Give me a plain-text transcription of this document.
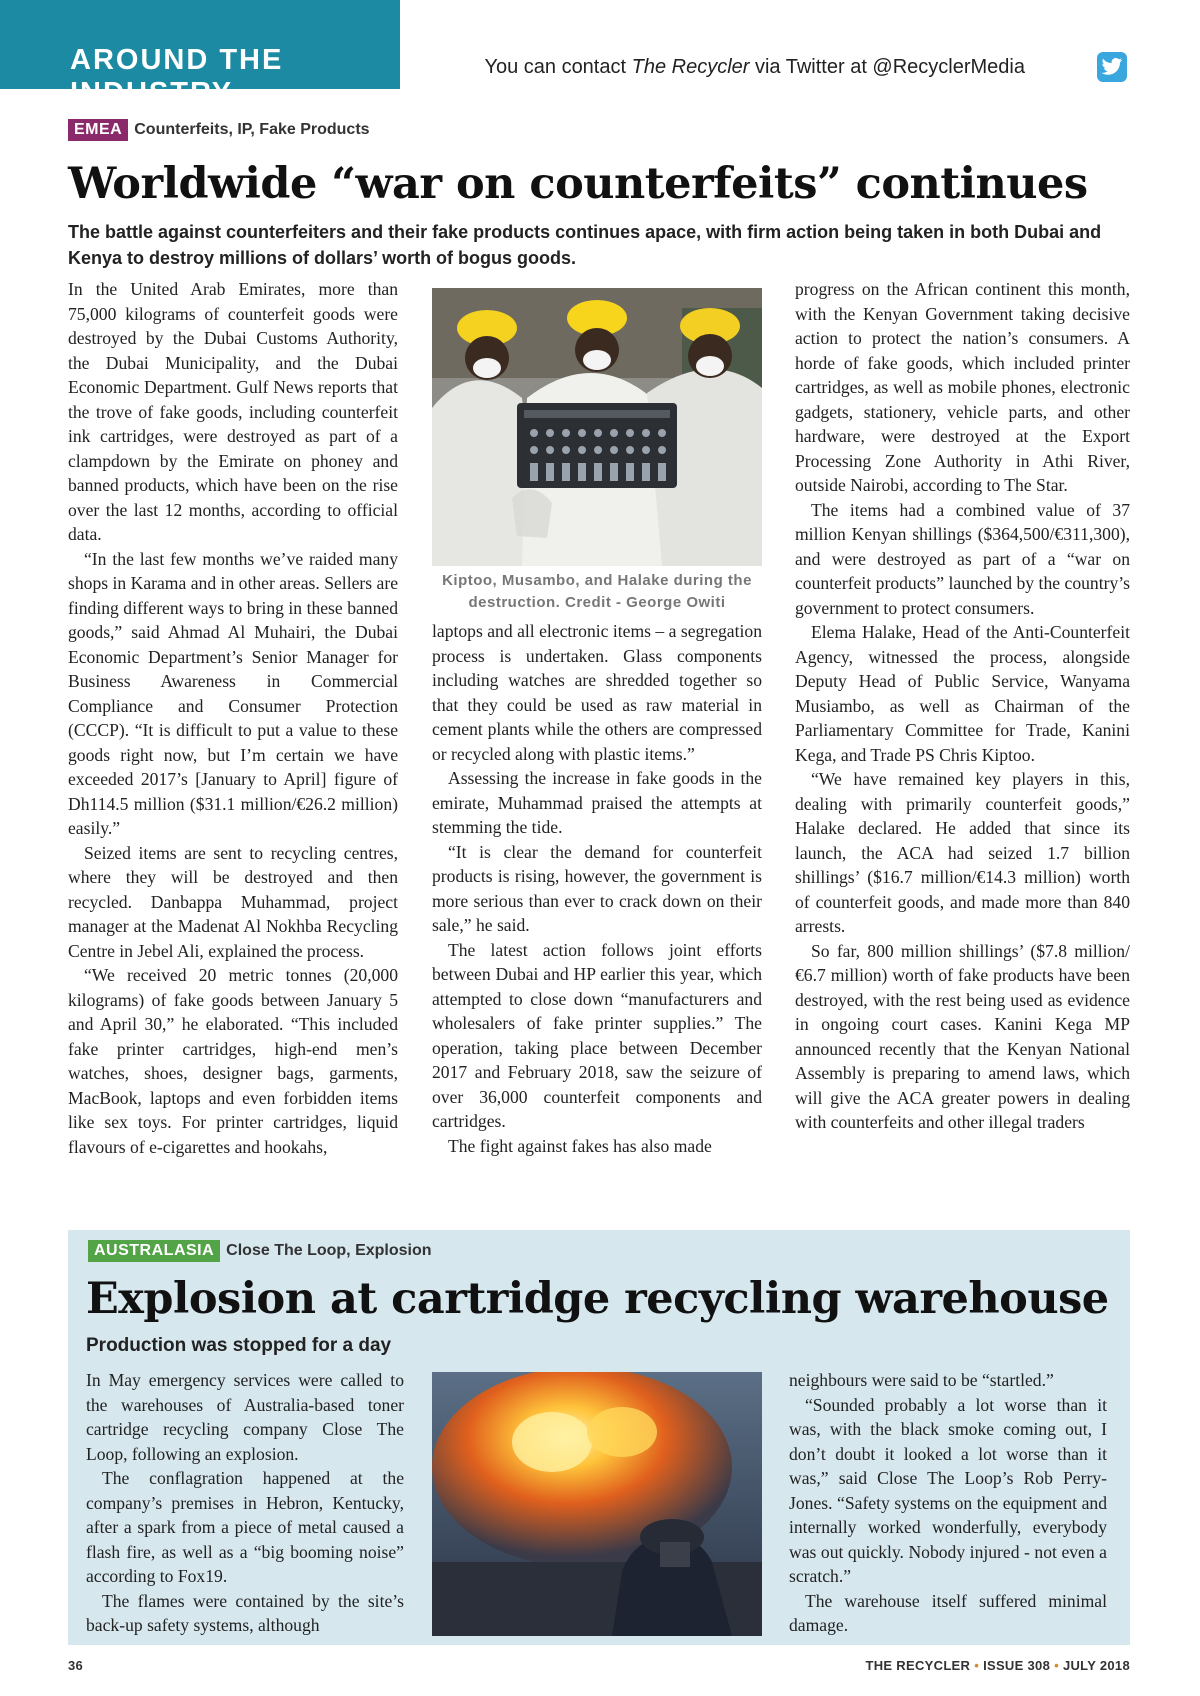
AROUND THE INDUSTRY
You can contact The Recycler via Twitter at @RecyclerMedia
EMEA Counterfeits, IP, Fake Products
Worldwide “war on counterfeits” continues
The battle against counterfeiters and their fake products continues apace, with firm action being taken in both Dubai and Kenya to destroy millions of dollars’ worth of bogus goods.

In the United Arab Emirates, more than 75,000 kilograms of counterfeit goods were destroyed by the Dubai Customs Authority, the Dubai Municipality, and the Dubai Economic Department. Gulf News reports that the trove of fake goods, including counterfeit ink cartridges, were destroyed as part of a clampdown by the Emirate on phoney and banned products, which have been on the rise over the last 12 months, according to official data.

“In the last few months we’ve raided many shops in Karama and in other areas. Sellers are finding different ways to bring in these banned goods,” said Ahmad Al Muhairi, the Dubai Economic Department’s Senior Manager for Business Awareness in Commercial Compliance and Consumer Protection (CCCP). “It is difficult to put a value to these goods right now, but I’m certain we have exceeded 2017’s [January to April] figure of Dh114.5 million ($31.1 million/€26.2 million) easily.”

Seized items are sent to recycling centres, where they will be destroyed and then recycled. Danbappa Muhammad, project manager at the Madenat Al Nokhba Recycling Centre in Jebel Ali, explained the process.

“We received 20 metric tonnes (20,000 kilograms) of fake goods between January 5 and April 30,” he elaborated. “This included fake printer cartridges, high-end men’s watches, shoes, designer bags, garments, MacBook, laptops and even forbidden items like sex toys. For printer cartridges, liquid flavours of e-cigarettes and hookahs,

Kiptoo, Musambo, and Halake during the destruction. Credit - George Owiti

laptops and all electronic items – a segregation process is undertaken. Glass components including watches are shredded together so that they could be used as raw material in cement plants while the others are compressed or recycled along with plastic items.”

Assessing the increase in fake goods in the emirate, Muhammad praised the attempts at stemming the tide.

“It is clear the demand for counterfeit products is rising, however, the government is more serious than ever to crack down on their sale,” he said.

The latest action follows joint efforts between Dubai and HP earlier this year, which attempted to close down “manufacturers and wholesalers of fake printer supplies.” The operation, taking place between December 2017 and February 2018, saw the seizure of over 36,000 counterfeit components and cartridges.

The fight against fakes has also made

progress on the African continent this month, with the Kenyan Government taking decisive action to protect the nation’s consumers. A horde of fake goods, which included printer cartridges, as well as mobile phones, electronic gadgets, stationery, vehicle parts, and other hardware, were destroyed at the Export Processing Zone Authority in Athi River, outside Nairobi, according to The Star.

The items had a combined value of 37 million Kenyan shillings ($364,500/€311,300), and were destroyed as part of a “war on counterfeit products” launched by the country’s government to protect consumers.

Elema Halake, Head of the Anti-Counterfeit Agency, witnessed the process, alongside Deputy Head of Public Service, Wanyama Musiambo, as well as Chairman of the Parliamentary Committee for Trade, Kanini Kega, and Trade PS Chris Kiptoo.

“We have remained key players in this, dealing with primarily counterfeit goods,” Halake declared. He added that since its launch, the ACA had seized 1.7 billion shillings’ ($16.7 million/€14.3 million) worth of counterfeit goods, and made more than 840 arrests.

So far, 800 million shillings’ ($7.8 million/€6.7 million) worth of fake products have been destroyed, with the rest being used as evidence in ongoing court cases. Kanini Kega MP announced recently that the Kenyan National Assembly is preparing to amend laws, which will give the ACA greater powers in dealing with counterfeits and other illegal traders

AUSTRALASIA Close The Loop, Explosion
Explosion at cartridge recycling warehouse
Production was stopped for a day

In May emergency services were called to the warehouses of Australia-based toner cartridge recycling company Close The Loop, following an explosion.

The conflagration happened at the company’s premises in Hebron, Kentucky, after a spark from a piece of metal caused a flash fire, as well as a “big booming noise” according to Fox19.

The flames were contained by the site’s back-up safety systems, although

neighbours were said to be “startled.”

“Sounded probably a lot worse than it was, with the black smoke coming out, I don’t doubt it looked a lot worse than it was,” said Close The Loop’s Rob Perry-Jones. “Safety systems on the equipment and internally worked wonderfully, everybody was out quickly. Nobody injured - not even a scratch.”

The warehouse itself suffered minimal damage.

36	THE RECYCLER • ISSUE 308 • JULY 2018
